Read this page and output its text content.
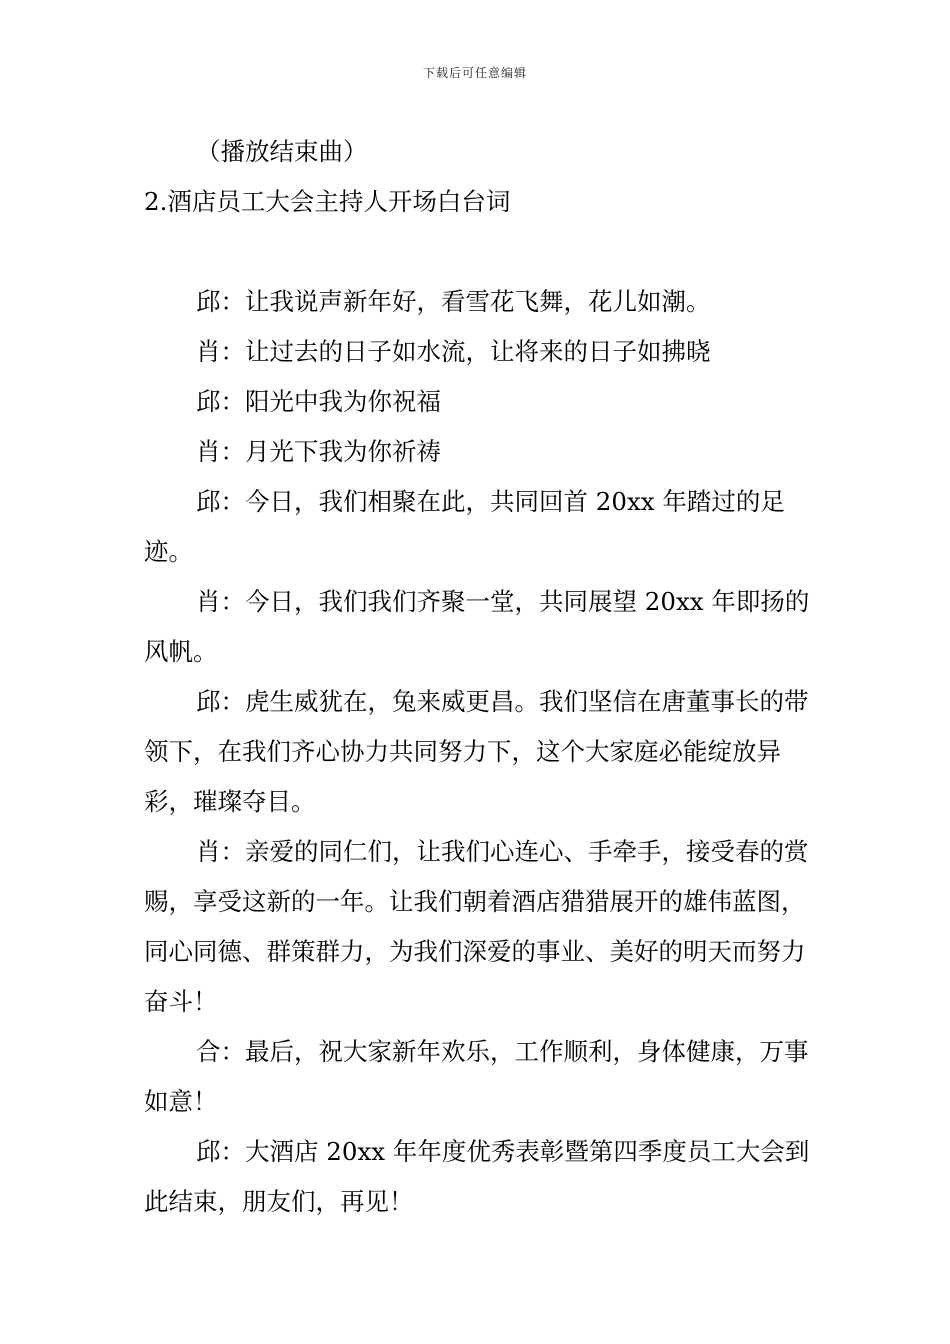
下载后可任意编辑

（播放结束曲）

2.酒店员工大会主持人开场白台词

邱：让我说声新年好，看雪花飞舞，花儿如潮。

肖：让过去的日子如水流，让将来的日子如拂晓

邱：阳光中我为你祝福

肖：月光下我为你祈祷

邱：今日，我们相聚在此，共同回首 20xx 年踏过的足迹。

肖：今日，我们我们齐聚一堂，共同展望 20xx 年即扬的风帆。

邱：虎生威犹在，兔来威更昌。我们坚信在唐董事长的带领下，在我们齐心协力共同努力下，这个大家庭必能绽放异彩，璀璨夺目。

肖：亲爱的同仁们，让我们心连心、手牵手，接受春的赏赐，享受这新的一年。让我们朝着酒店猎猎展开的雄伟蓝图，同心同德、群策群力，为我们深爱的事业、美好的明天而努力奋斗！

合：最后，祝大家新年欢乐，工作顺利，身体健康，万事如意！

邱：大酒店 20xx 年年度优秀表彰暨第四季度员工大会到此结束，朋友们，再见！
